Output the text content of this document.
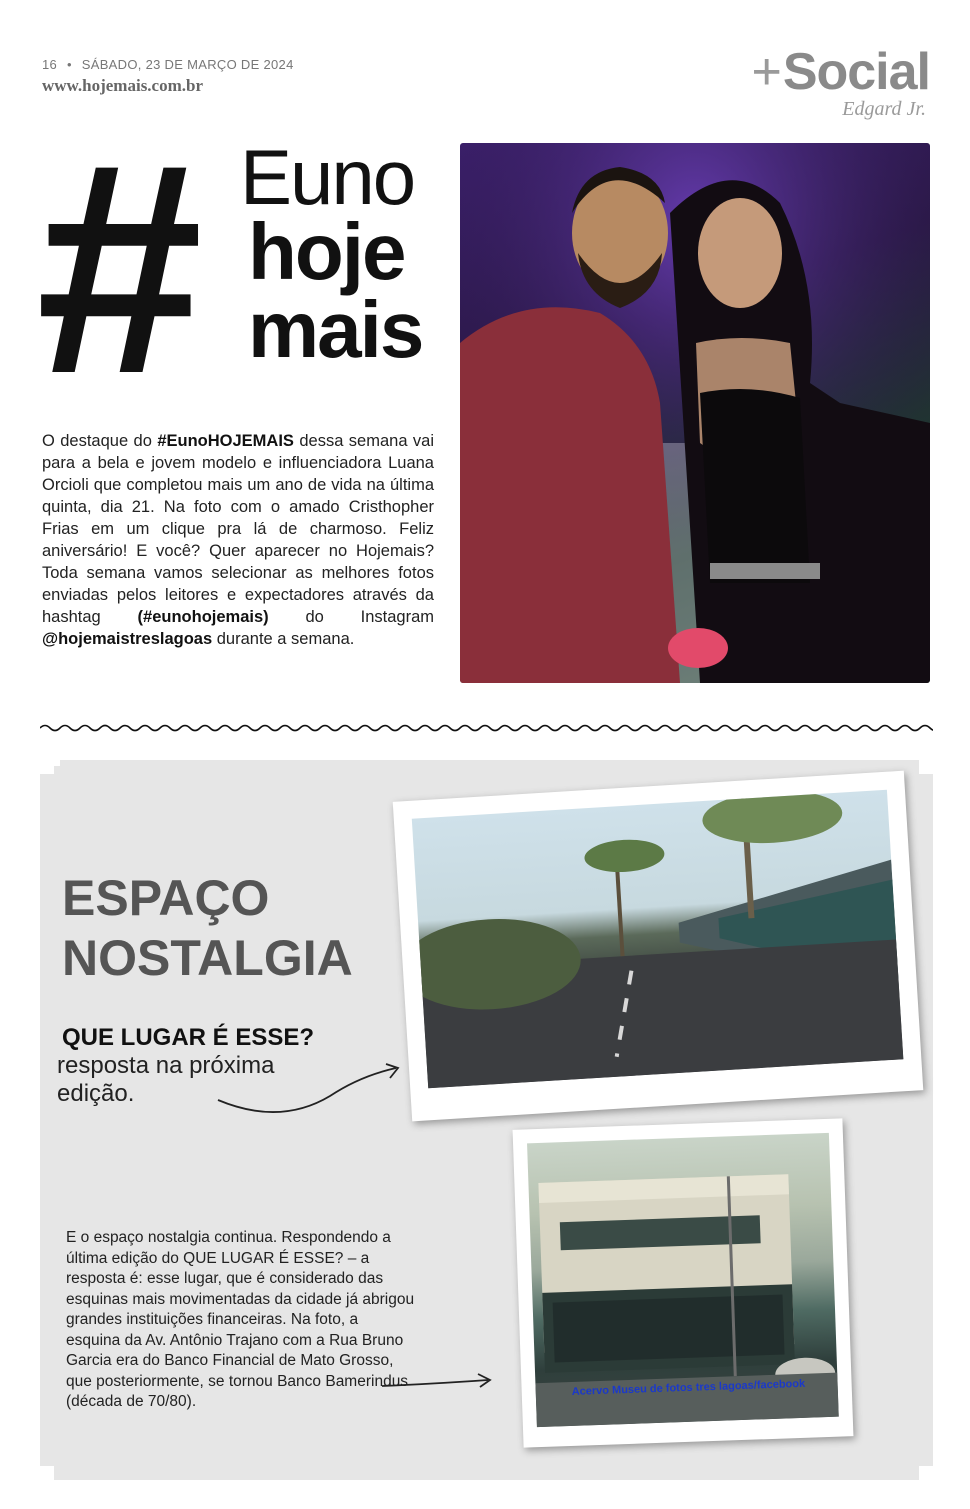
16 • SÁBADO, 23 DE MARÇO DE 2024
www.hojemais.com.br	+Social
Edgard Jr.
# Euno
hoje
mais
O destaque do #EunoHOJEMAIS dessa semana vai para a bela e jovem modelo e influenciadora Luana Orcioli que completou mais um ano de vida na última quinta, dia 21. Na foto com o amado Cristhopher Frias em um clique pra lá de charmoso. Feliz aniversário! E você? Quer aparecer no Hojemais? Toda semana vamos selecionar as melhores fotos enviadas pelos leitores e expectadores através da hashtag (#eunohojemais) do Instagram @hojemaistreslagoas durante a semana.
ESPAÇO
NOSTALGIA
QUE LUGAR É ESSE?
resposta na próxima edição.
Acervo Museu de fotos tres lagoas/facebook
E o espaço nostalgia continua. Respondendo a última edição do QUE LUGAR É ESSE? – a resposta é: esse lugar, que é considerado das esquinas mais movimentadas da cidade já abrigou grandes instituições financeiras. Na foto, a esquina da Av. Antônio Trajano com a Rua Bruno Garcia era do Banco Financial de Mato Grosso, que posteriormente, se tornou Banco Bamerindus (década de 70/80).
